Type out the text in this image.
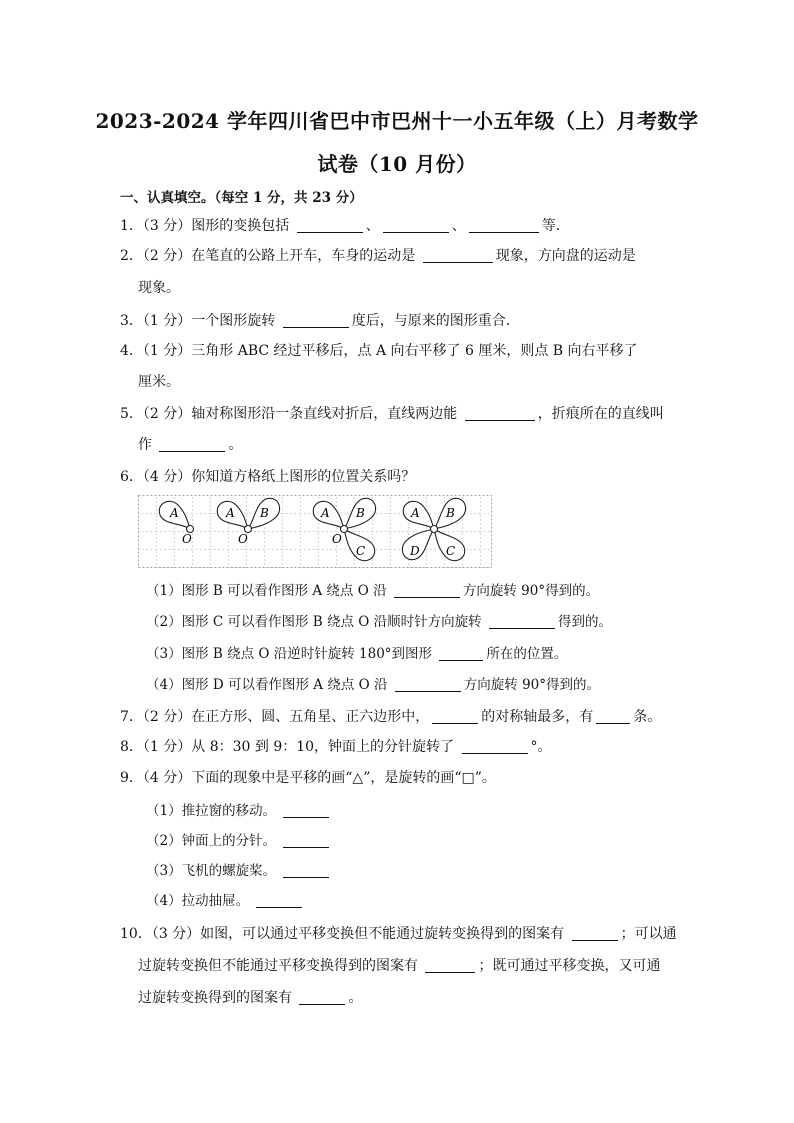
2023-2024 学年四川省巴中市巴州十一小五年级（上）月考数学
试卷（10 月份）
一、认真填空。（每空 1 分，共 23 分）
1．（3 分）图形的变换包括	、	、	等．
2．（2 分）在笔直的公路上开车，车身的运动是	现象，方向盘的运动是
现象。
3．（1 分）一个图形旋转	度后，与原来的图形重合．
4．（1 分）三角形 ABC 经过平移后，点 A 向右平移了 6 厘米，则点 B 向右平移了
厘米。
5．（2 分）轴对称图形沿一条直线对折后，直线两边能	，折痕所在的直线叫
作	。
6．（4 分）你知道方格纸上图形的位置关系吗？
A
O
A B
O
A B
O
C
A B
D C
（1）图形 B 可以看作图形 A 绕点 O 沿	方向旋转 90°得到的。
（2）图形 C 可以看作图形 B 绕点 O 沿顺时针方向旋转	得到的。
（3）图形 B 绕点 O 沿逆时针旋转 180°到图形	所在的位置。
（4）图形 D 可以看作图形 A 绕点 O 沿	方向旋转 90°得到的。
7．（2 分）在正方形、圆、五角星、正六边形中，	的对称轴最多，有	条。
8．（1 分）从 8：30 到 9：10，钟面上的分针旋转了	°。
9．（4 分）下面的现象中是平移的画“△”，是旋转的画“□”。
（1）推拉窗的移动。
（2）钟面上的分针。
（3）飞机的螺旋桨。
（4）拉动抽屉。
10．（3 分）如图，可以通过平移变换但不能通过旋转变换得到的图案有	；可以通
过旋转变换但不能通过平移变换得到的图案有	；既可通过平移变换，又可通
过旋转变换得到的图案有	。
